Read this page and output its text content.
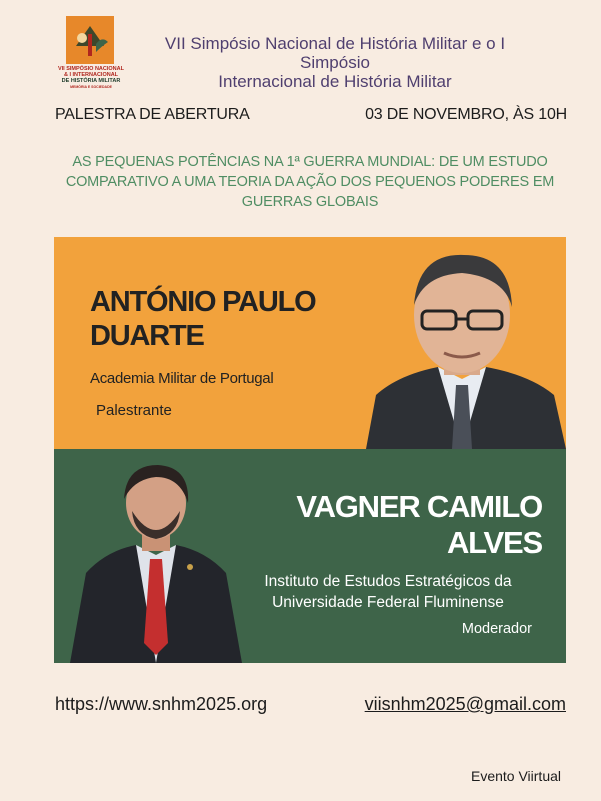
VII SIMPÓSIO NACIONAL
& I INTERNACIONAL
DE HISTÓRIA MILITAR
MEMÓRIA E SOCIEDADE
VII Simpósio Nacional de História Militar e o I Simpósio
Internacional de História Militar
PALESTRA DE ABERTURA	03 DE NOVEMBRO, ÀS 10H
AS PEQUENAS POTÊNCIAS NA 1ª GUERRA MUNDIAL: DE UM ESTUDO
COMPARATIVO A UMA TEORIA DA AÇÃO DOS PEQUENOS PODERES EM
GUERRAS GLOBAIS
ANTÓNIO PAULO
DUARTE
Academia Militar de Portugal
Palestrante
VAGNER CAMILO
ALVES
Instituto de Estudos Estratégicos da
Universidade Federal Fluminense
Moderador
https://www.snhm2025.org	viisnhm2025@gmail.com
Evento Viirtual
